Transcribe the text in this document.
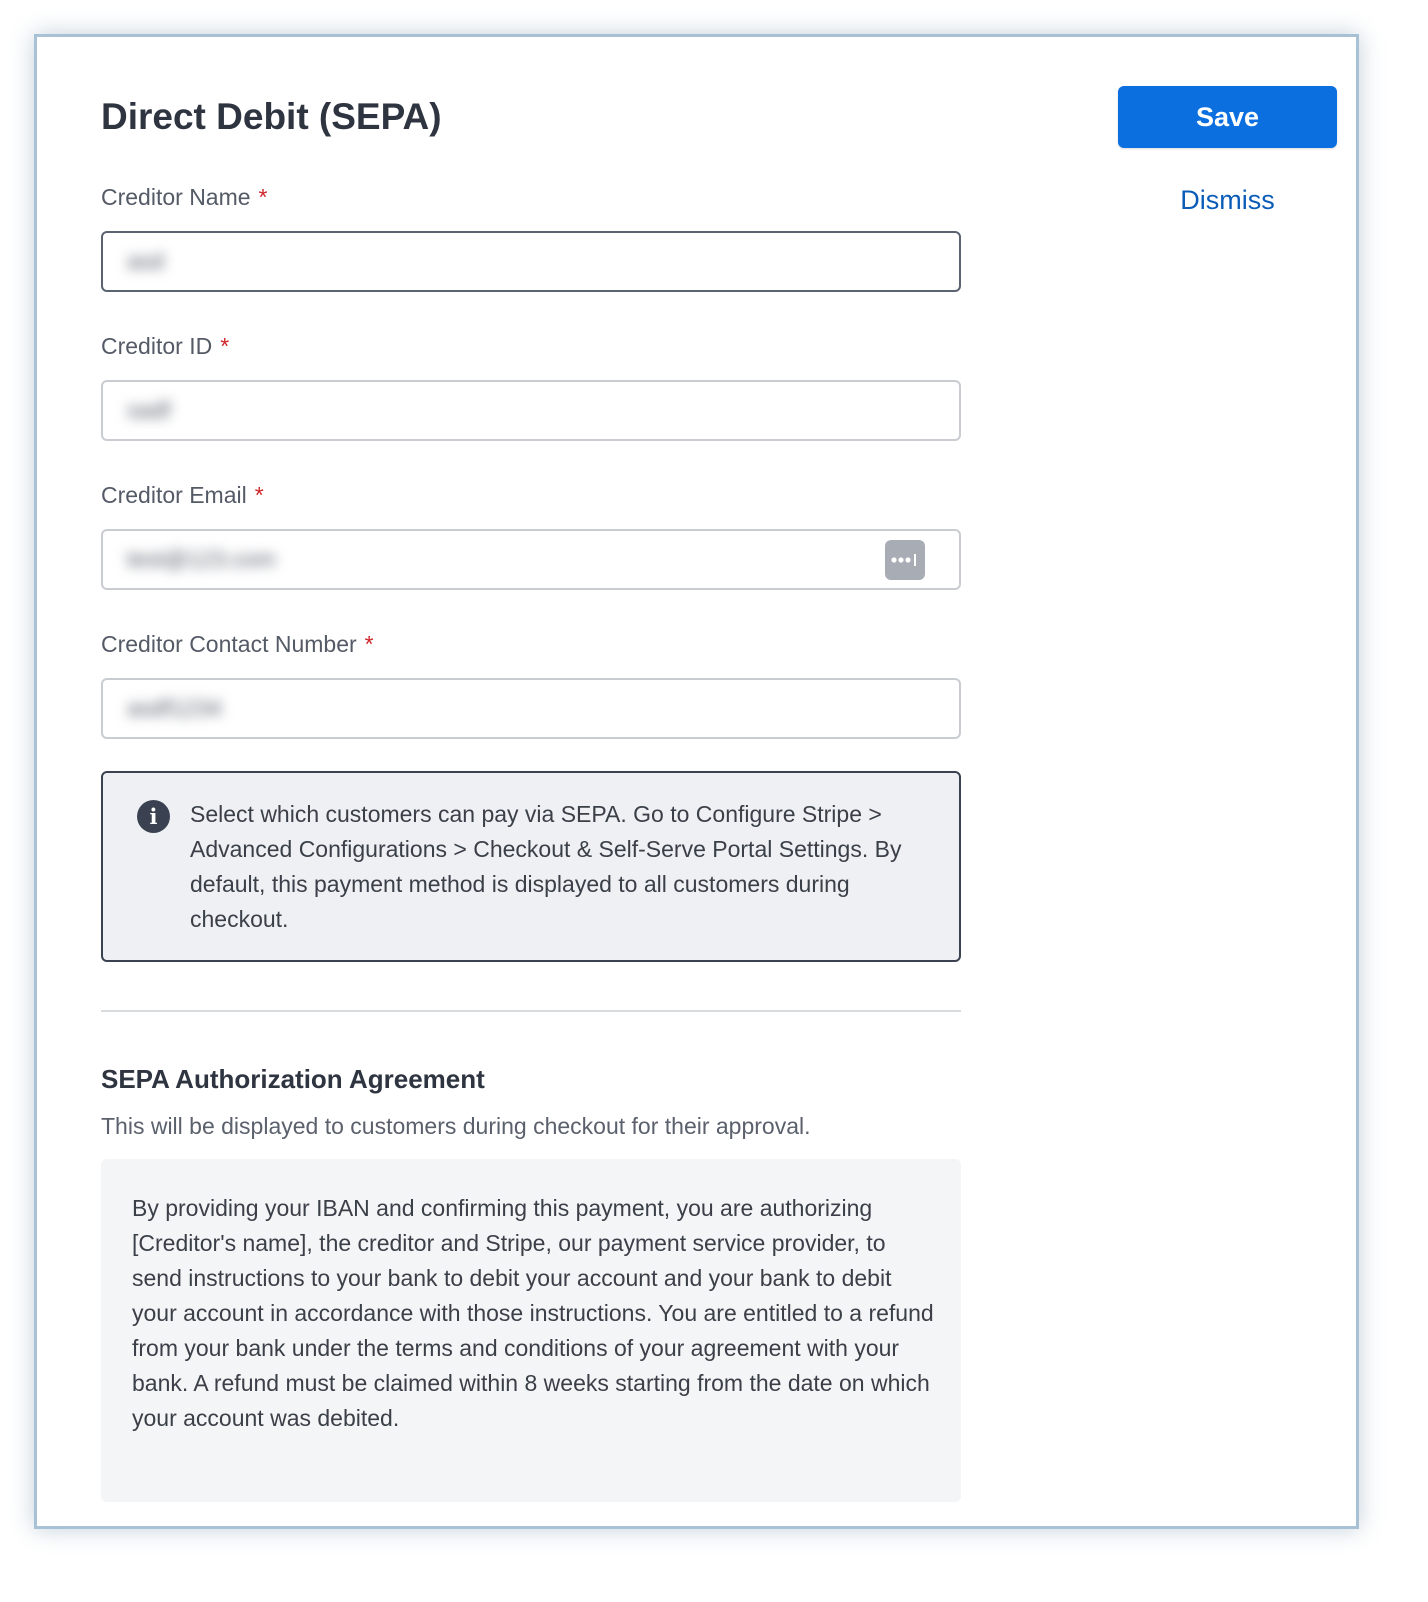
Direct Debit (SEPA)	Save
Dismiss
Creditor Name *
asd
Creditor ID *
sadf
Creditor Email *
test@123.com
Creditor Contact Number *
asdf1234
i	Select which customers can pay via SEPA. Go to Configure Stripe > Advanced Configurations > Checkout & Self-Serve Portal Settings. By default, this payment method is displayed to all customers during checkout.
SEPA Authorization Agreement
This will be displayed to customers during checkout for their approval.
By providing your IBAN and confirming this payment, you are authorizing [Creditor's name], the creditor and Stripe, our payment service provider, to send instructions to your bank to debit your account and your bank to debit your account in accordance with those instructions. You are entitled to a refund from your bank under the terms and conditions of your agreement with your bank. A refund must be claimed within 8 weeks starting from the date on which your account was debited.
